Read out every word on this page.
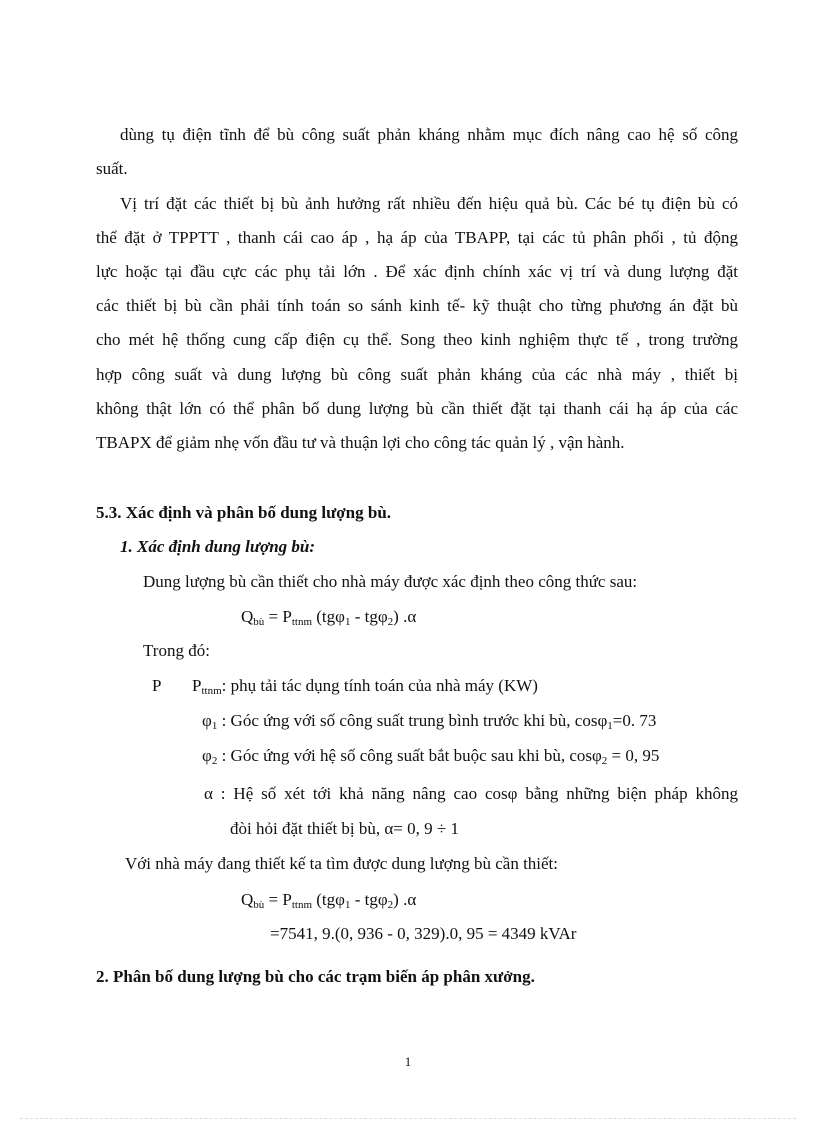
dùng tụ điện tĩnh để bù công suất phản kháng nhằm mục đích nâng cao hệ số công

suất.

Vị trí đặt các thiết bị bù ảnh hưởng rất nhiều đến hiệu quả bù. Các bé tụ điện bù có

thể đặt ở TPPTT , thanh cái cao áp , hạ áp của TBAPP, tại các tủ phân phối , tủ động

lực hoặc tại đầu cực các phụ tải lớn . Để xác định chính xác vị trí và dung lượng đặt

các thiết bị bù cần phải tính toán so sánh kinh tế- kỹ thuật cho từng phương án đặt bù

cho mét hệ thống cung cấp điện cụ thể. Song theo kinh nghiệm thực tế , trong trường

hợp công suất và dung lượng bù công suất phản kháng của các nhà máy , thiết bị

không thật lớn có thể phân bố dung lượng bù cần thiết đặt tại thanh cái hạ áp của các

TBAPX để giảm nhẹ vốn đầu tư và thuận lợi cho công tác quản lý , vận hành.

5.3. Xác định và phân bố dung lượng bù.

1. Xác định dung lượng bù:

Dung lượng bù cần thiết cho nhà máy được xác định theo công thức sau:

$Q_{bù} = P_{ttnm}$ (tgφ$_1$ - tgφ$_2$) .α

Trong đó:

P $P_{ttnm}$: phụ tải tác dụng tính toán của nhà máy (KW)

$\varphi_1$ : Góc ứng với số công suất trung bình trước khi bù, cosφ$_1$=0. 73

$\varphi_2$ : Góc ứng với hệ số công suất bắt buộc sau khi bù, cosφ$_2$ = 0, 95

α : Hệ số xét tới khả năng nâng cao cosφ bằng những biện pháp không

đòi hỏi đặt thiết bị bù, α= 0, 9 ÷ 1

Với nhà máy đang thiết kế ta tìm được dung lượng bù cần thiết:

$Q_{bù} = P_{ttnm}$ (tgφ$_1$ - tgφ$_2$) .α

=7541, 9.(0, 936 - 0, 329).0, 95 = 4349 kVAr

2. Phân bố dung lượng bù cho các trạm biến áp phân xưởng.

1
